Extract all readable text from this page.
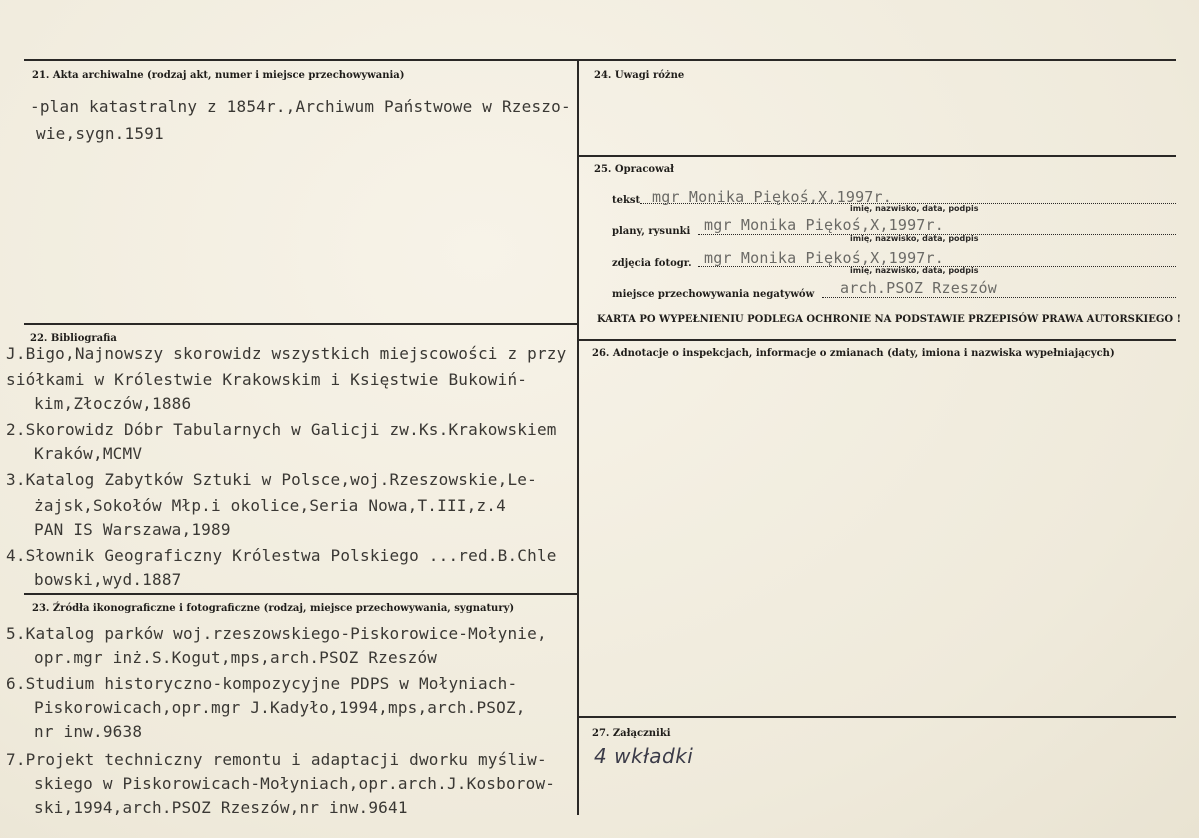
21. Akta archiwalne (rodzaj akt, numer i miejsce przechowywania)
-plan katastralny z 1854r.,Archiwum Państwowe w Rzeszo-
wie,sygn.1591
22. Bibliografia
J.Bigo,Najnowszy skorowidz wszystkich miejscowości z przy
siółkami w Królestwie Krakowskim i Księstwie Bukowiń-
kim,Złoczów,1886
2.Skorowidz Dóbr Tabularnych w Galicji zw.Ks.Krakowskiem
Kraków,MCMV
3.Katalog Zabytków Sztuki w Polsce,woj.Rzeszowskie,Le-
żajsk,Sokołów Młp.i okolice,Seria Nowa,T.III,z.4
PAN IS Warszawa,1989
4.Słownik Geograficzny Królestwa Polskiego ...red.B.Chle
bowski,wyd.1887
23. Źródła ikonograficzne i fotograficzne (rodzaj, miejsce przechowywania, sygnatury)
5.Katalog parków woj.rzeszowskiego-Piskorowice-Mołynie,
opr.mgr inż.S.Kogut,mps,arch.PSOZ Rzeszów
6.Studium historyczno-kompozycyjne PDPS w Mołyniach-
Piskorowicach,opr.mgr J.Kadyło,1994,mps,arch.PSOZ,
nr inw.9638
7.Projekt techniczny remontu i adaptacji dworku myśliw-
skiego w Piskorowicach-Mołyniach,opr.arch.J.Kosborow-
ski,1994,arch.PSOZ Rzeszów,nr inw.9641
24. Uwagi różne
25. Opracował
tekst mgr Monika Piękoś,X,1997r.
imię, nazwisko, data, podpis
plany, rysunki mgr Monika Piękoś,X,1997r.
imię, nazwisko, data, podpis
zdjęcia fotogr. mgr Monika Piękoś,X,1997r.
imię, nazwisko, data, podpis
miejsce przechowywania negatywów arch.PSOZ Rzeszów
KARTA PO WYPEŁNIENIU PODLEGA OCHRONIE NA PODSTAWIE PRZEPISÓW PRAWA AUTORSKIEGO !
26. Adnotacje o inspekcjach, informacje o zmianach (daty, imiona i nazwiska wypełniających)
27. Załączniki
4 wkładki
